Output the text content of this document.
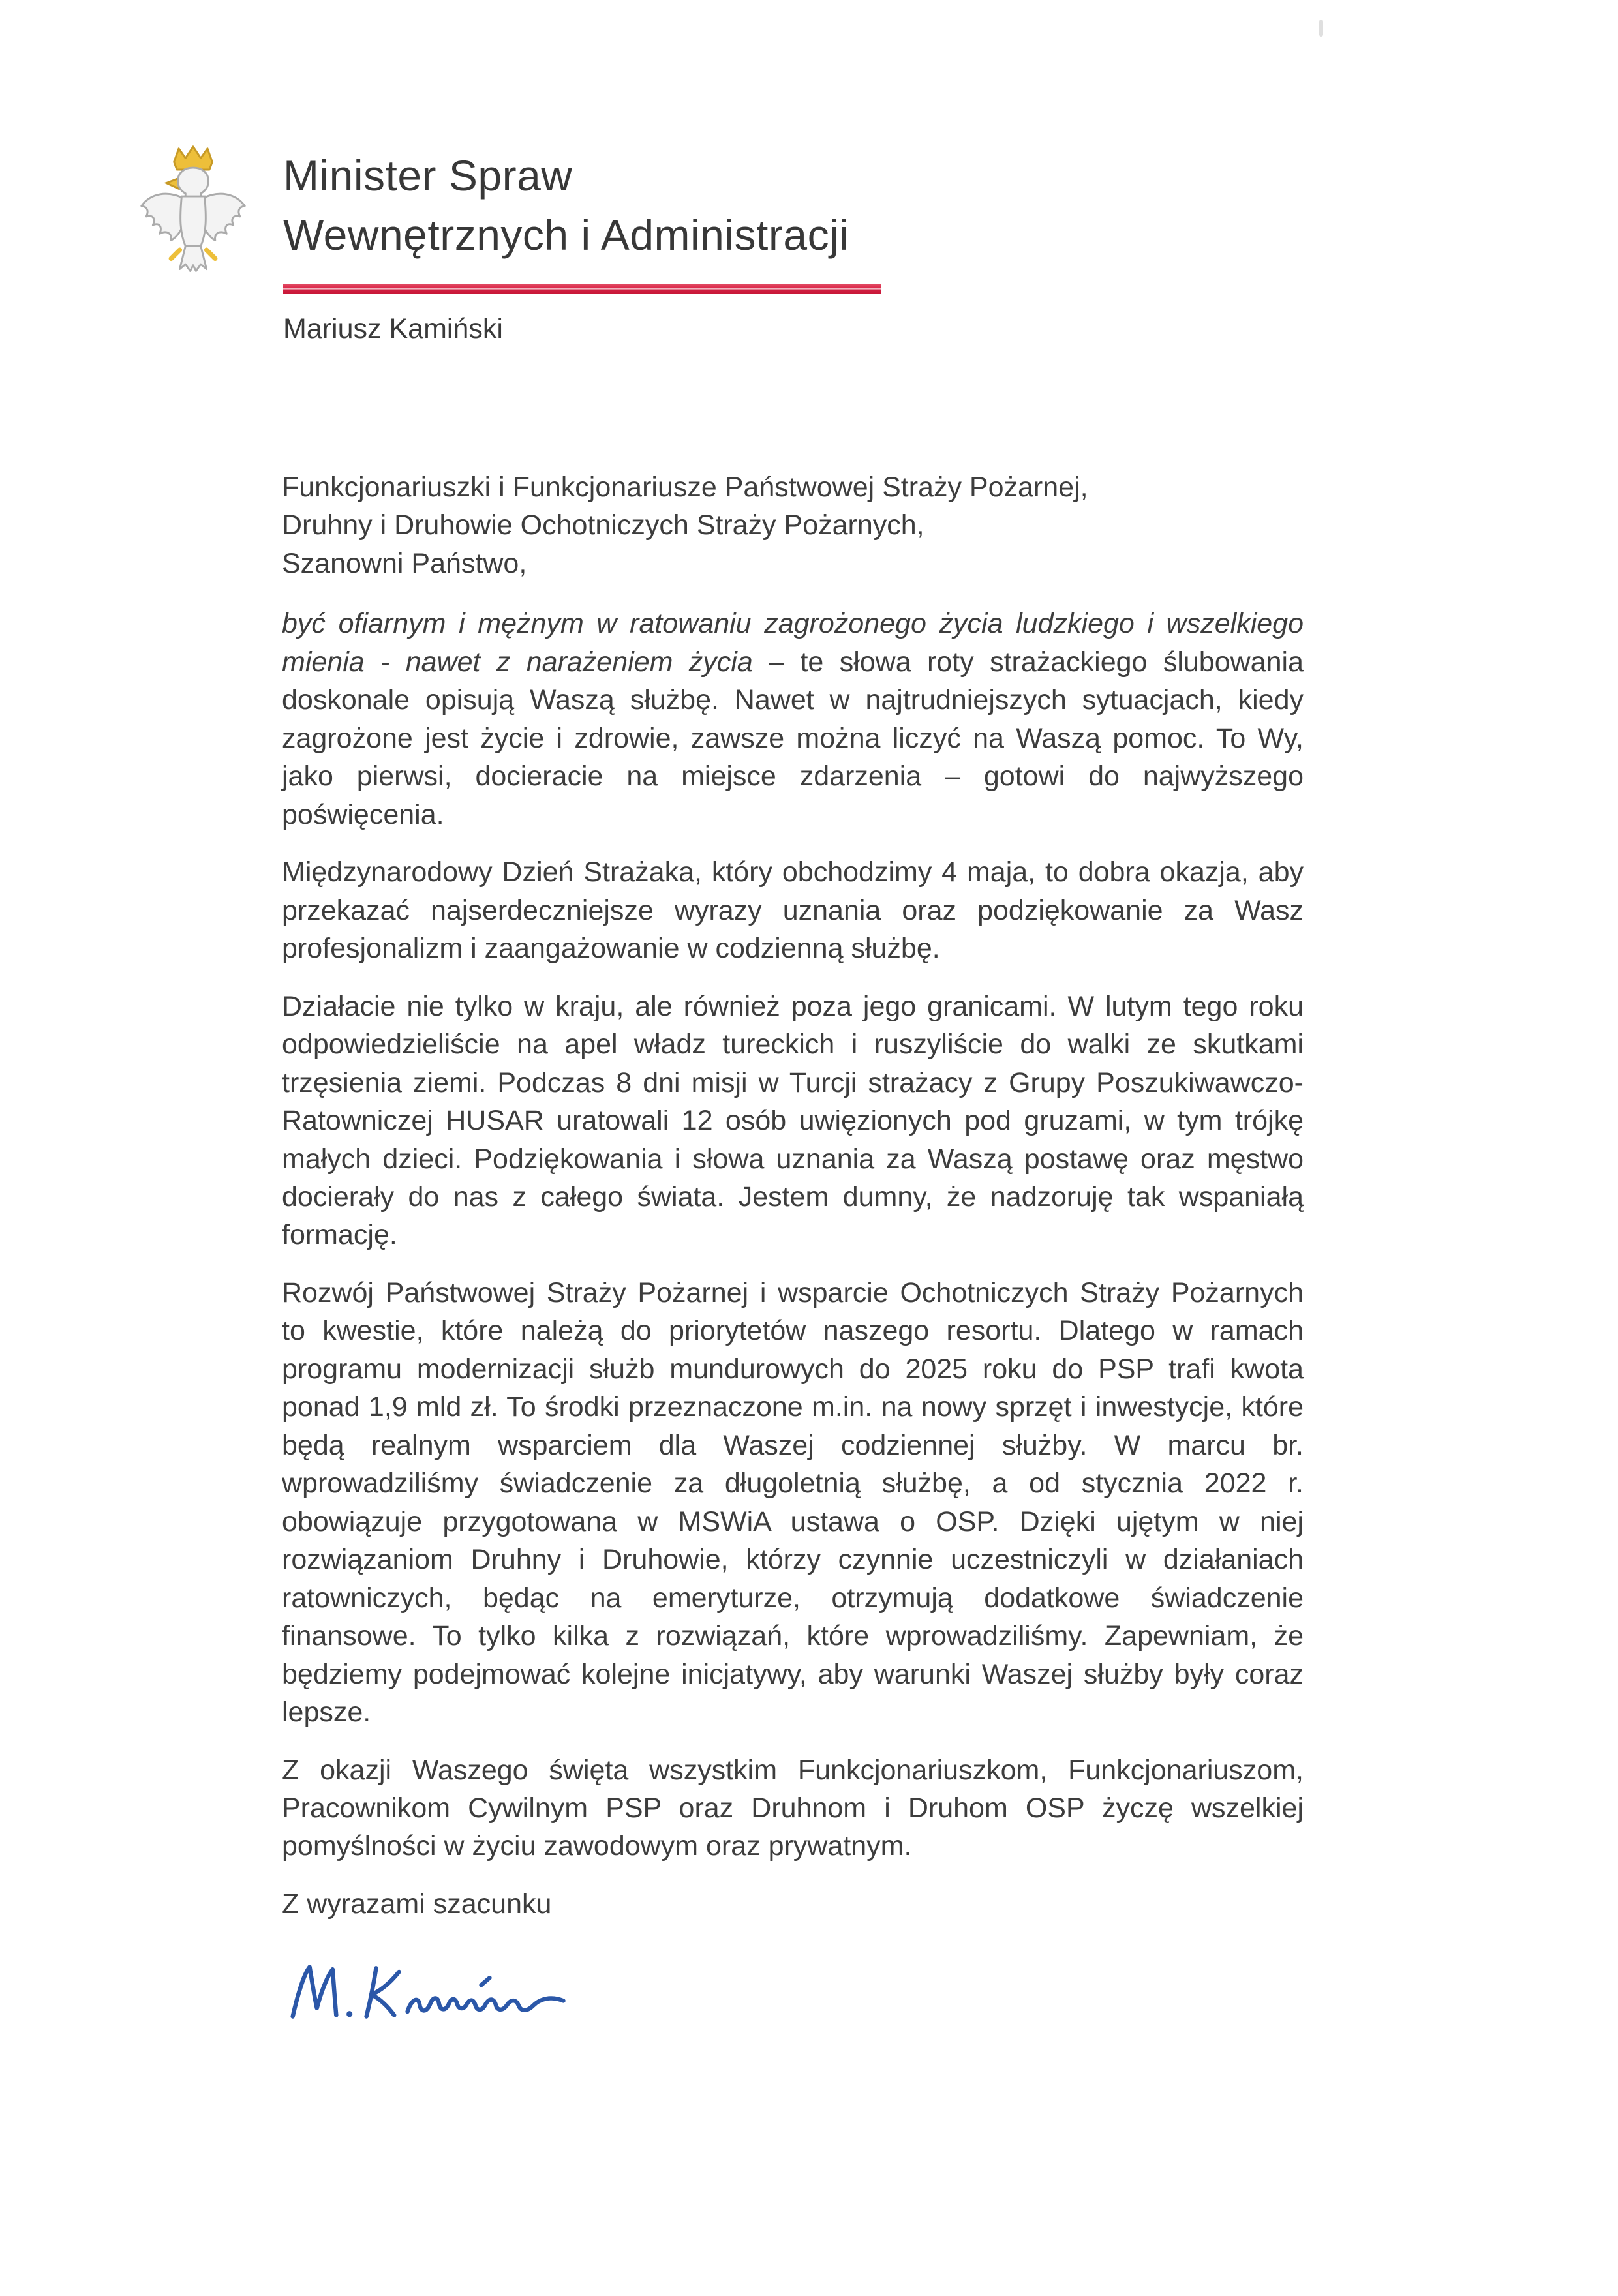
Minister Spraw
Wewnętrznych i Administracji
Mariusz Kamiński
Funkcjonariuszki i Funkcjonariusze Państwowej Straży Pożarnej,
Druhny i Druhowie Ochotniczych Straży Pożarnych,
Szanowni Państwo,

być ofiarnym i mężnym w ratowaniu zagrożonego życia ludzkiego i wszelkiego mienia - nawet z narażeniem życia – te słowa roty strażackiego ślubowania doskonale opisują Waszą służbę. Nawet w najtrudniejszych sytuacjach, kiedy zagrożone jest życie i zdrowie, zawsze można liczyć na Waszą pomoc. To Wy, jako pierwsi, docieracie na miejsce zdarzenia – gotowi do najwyższego poświęcenia.

Międzynarodowy Dzień Strażaka, który obchodzimy 4 maja, to dobra okazja, aby przekazać najserdeczniejsze wyrazy uznania oraz podziękowanie za Wasz profesjonalizm i zaangażowanie w codzienną służbę.

Działacie nie tylko w kraju, ale również poza jego granicami. W lutym tego roku odpowiedzieliście na apel władz tureckich i ruszyliście do walki ze skutkami trzęsienia ziemi. Podczas 8 dni misji w Turcji strażacy z Grupy Poszukiwawczo-Ratowniczej HUSAR uratowali 12 osób uwięzionych pod gruzami, w tym trójkę małych dzieci. Podziękowania i słowa uznania za Waszą postawę oraz męstwo docierały do nas z całego świata. Jestem dumny, że nadzoruję tak wspaniałą formację.

Rozwój Państwowej Straży Pożarnej i wsparcie Ochotniczych Straży Pożarnych to kwestie, które należą do priorytetów naszego resortu. Dlatego w ramach programu modernizacji służb mundurowych do 2025 roku do PSP trafi kwota ponad 1,9 mld zł. To środki przeznaczone m.in. na nowy sprzęt i inwestycje, które będą realnym wsparciem dla Waszej codziennej służby. W marcu br. wprowadziliśmy świadczenie za długoletnią służbę, a od stycznia 2022 r. obowiązuje przygotowana w MSWiA ustawa o OSP. Dzięki ujętym w niej rozwiązaniom Druhny i Druhowie, którzy czynnie uczestniczyli w działaniach ratowniczych, będąc na emeryturze, otrzymują dodatkowe świadczenie finansowe. To tylko kilka z rozwiązań, które wprowadziliśmy. Zapewniam, że będziemy podejmować kolejne inicjatywy, aby warunki Waszej służby były coraz lepsze.

Z okazji Waszego święta wszystkim Funkcjonariuszkom, Funkcjonariuszom, Pracownikom Cywilnym PSP oraz Druhnom i Druhom OSP życzę wszelkiej pomyślności w życiu zawodowym oraz prywatnym.

Z wyrazami szacunku
